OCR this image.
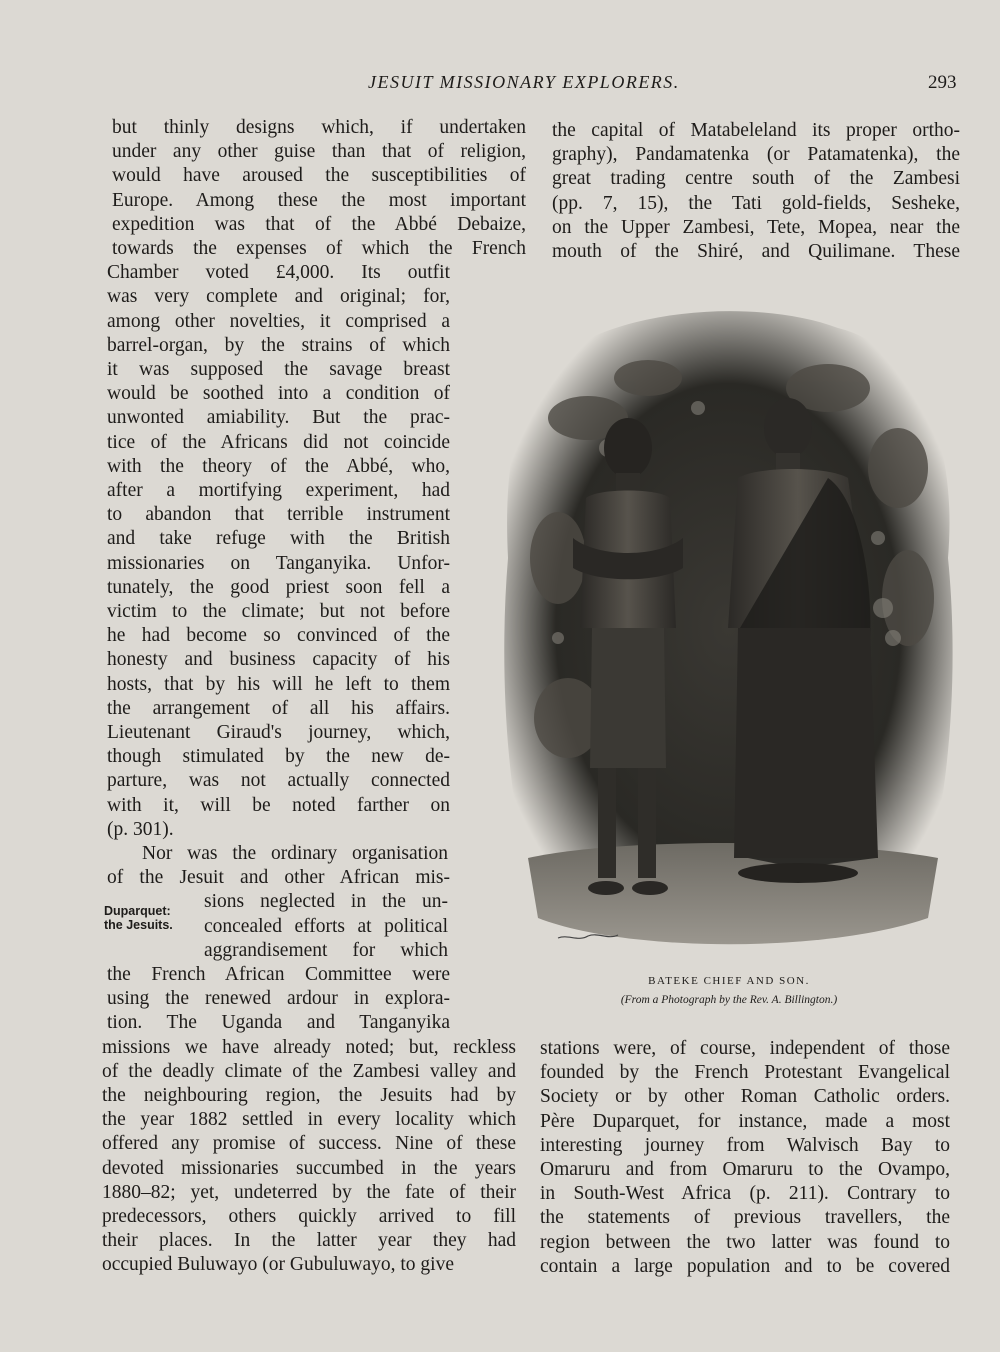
JESUIT MISSIONARY EXPLORERS.	293
but thinly designs which, if undertaken
under any other guise than that of religion,
would have aroused the susceptibilities of
Europe. Among these the most important
expedition was that of the Abbé Debaize,
towards the expenses of which the French
Chamber voted £4,000. Its outfit
was very complete and original; for,
among other novelties, it comprised a
barrel-organ, by the strains of which
it was supposed the savage breast
would be soothed into a condition of
unwonted amiability. But the prac-
tice of the Africans did not coincide
with the theory of the Abbé, who,
after a mortifying experiment, had
to abandon that terrible instrument
and take refuge with the British
missionaries on Tanganyika. Unfor-
tunately, the good priest soon fell a
victim to the climate; but not before
he had become so convinced of the
honesty and business capacity of his
hosts, that by his will he left to them
the arrangement of all his affairs.
Lieutenant Giraud's journey, which,
though stimulated by the new de-
parture, was not actually connected
with it, will be noted farther on
(p. 301).
Nor was the ordinary organisation
of the Jesuit and other African mis-
sions neglected in the un-
concealed efforts at political
aggrandisement for which
the French African Committee were
using the renewed ardour in explora-
tion. The Uganda and Tanganyika
missions we have already noted; but, reckless
of the deadly climate of the Zambesi valley and
the neighbouring region, the Jesuits had by
the year 1882 settled in every locality which
offered any promise of success. Nine of these
devoted missionaries succumbed in the years
1880–82; yet, undeterred by the fate of their
predecessors, others quickly arrived to fill
their places. In the latter year they had
occupied Buluwayo (or Gubuluwayo, to give
the capital of Matabeleland its proper ortho-
graphy), Pandamatenka (or Patamatenka), the
great trading centre south of the Zambesi
(pp. 7, 15), the Tati gold-fields, Sesheke,
on the Upper Zambesi, Tete, Mopea, near the
mouth of the Shiré, and Quilimane. These
stations were, of course, independent of those
founded by the French Protestant Evangelical
Society or by other Roman Catholic orders.
Père Duparquet, for instance, made a most
interesting journey from Walvisch Bay to
Omaruru and from Omaruru to the Ovampo,
in South-West Africa (p. 211). Contrary to
the statements of previous travellers, the
region between the two latter was found to
contain a large population and to be covered
Duparquet:
the Jesuits.
BATEKE CHIEF AND SON.
(From a Photograph by the Rev. A. Billington.)
